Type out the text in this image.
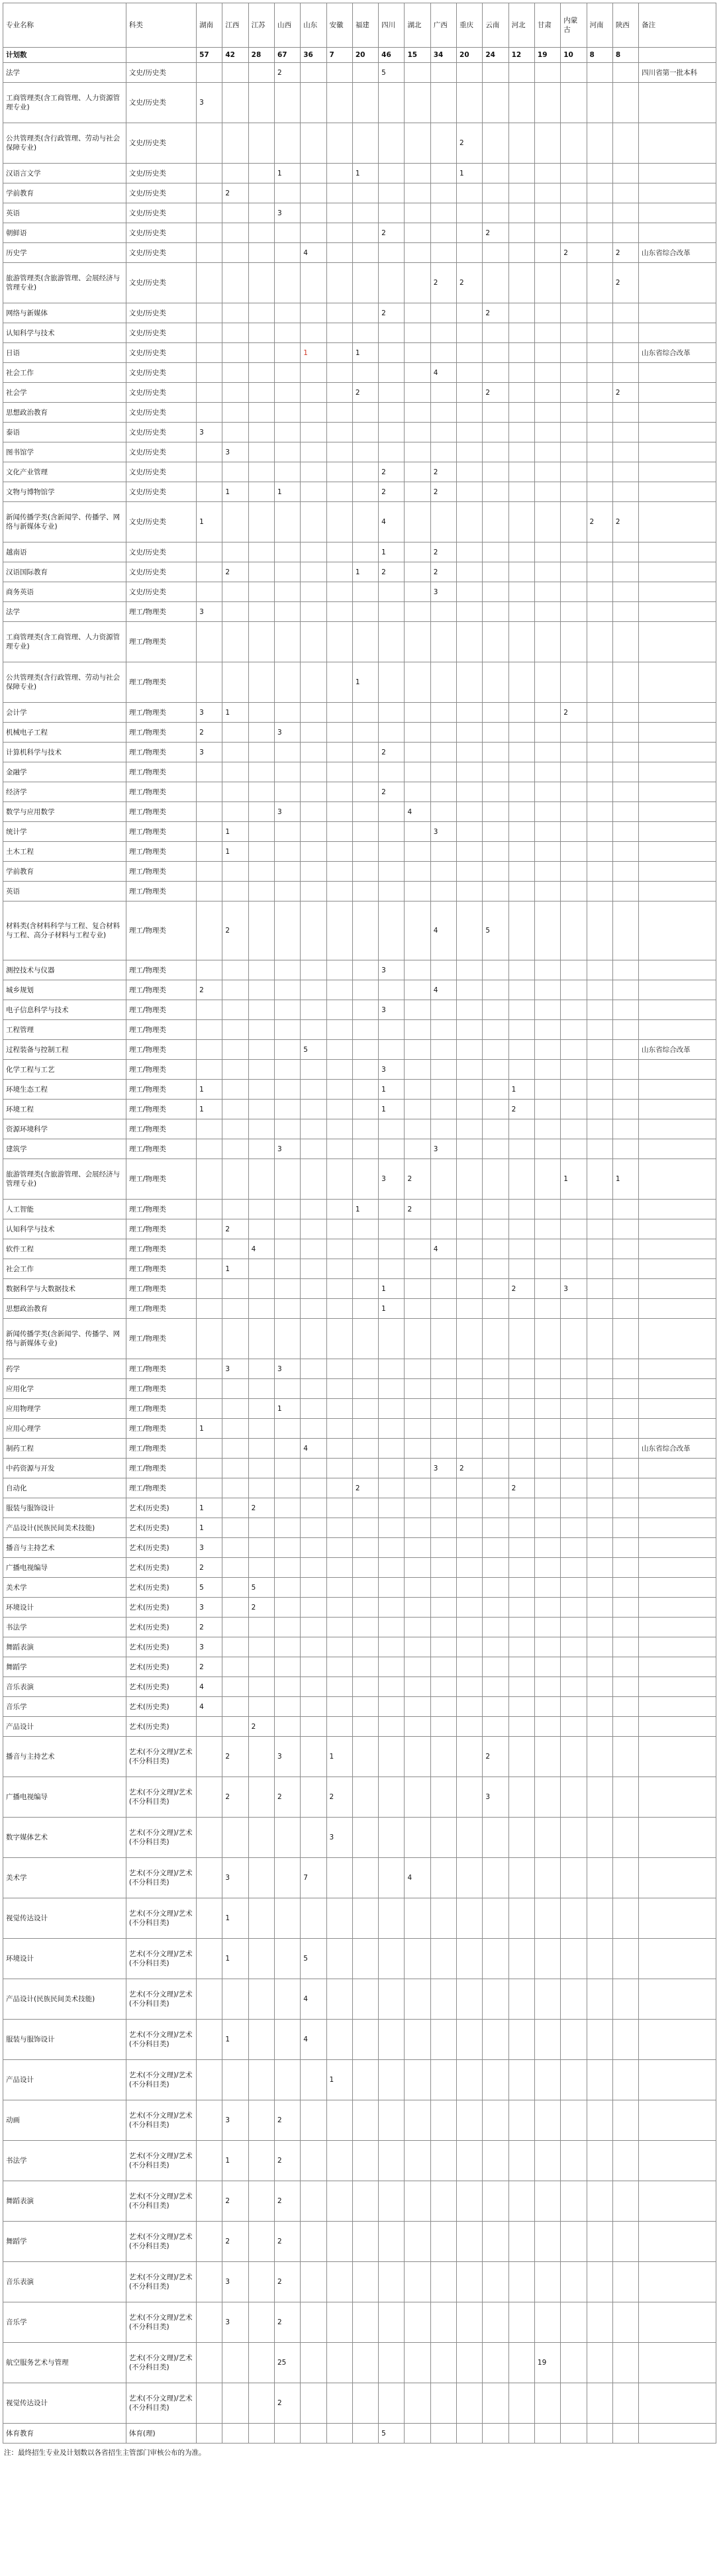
专业名称	科类	湖南	江西	江苏	山西	山东	安徽	福建	四川	湖北	广西	重庆	云南	河北	甘肃	内蒙古	河南	陕西	备注
计划数		57	42	28	67	36	7	20	46	15	34	20	24	12	19	10	8	8	
法学	文史/历史类				2				5										四川省第一批本科
工商管理类(含工商管理、人力资源管理专业)	文史/历史类	3																	
公共管理类(含行政管理、劳动与社会保障专业)	文史/历史类											2							
汉语言文学	文史/历史类				1			1				1							
学前教育	文史/历史类		2																
英语	文史/历史类				3														
朝鲜语	文史/历史类								2				2						
历史学	文史/历史类					4										2		2	山东省综合改革
旅游管理类(含旅游管理、会展经济与管理专业)	文史/历史类										2	2						2	
网络与新媒体	文史/历史类								2				2						
认知科学与技术	文史/历史类																		
日语	文史/历史类					1		1											山东省综合改革
社会工作	文史/历史类										4								
社会学	文史/历史类							2					2					2	
思想政治教育	文史/历史类																		
泰语	文史/历史类	3																	
图书馆学	文史/历史类		3																
文化产业管理	文史/历史类								2		2								
文物与博物馆学	文史/历史类		1		1				2		2								
新闻传播学类(含新闻学、传播学、网络与新媒体专业)	文史/历史类	1							4								2	2	
越南语	文史/历史类								1		2								
汉语国际教育	文史/历史类		2					1	2		2								
商务英语	文史/历史类										3								
法学	理工/物理类	3																	
工商管理类(含工商管理、人力资源管理专业)	理工/物理类																		
公共管理类(含行政管理、劳动与社会保障专业)	理工/物理类							1											
会计学	理工/物理类	3	1													2			
机械电子工程	理工/物理类	2			3														
计算机科学与技术	理工/物理类	3							2										
金融学	理工/物理类																		
经济学	理工/物理类								2										
数学与应用数学	理工/物理类				3					4									
统计学	理工/物理类		1								3								
土木工程	理工/物理类		1																
学前教育	理工/物理类																		
英语	理工/物理类																		
材料类(含材料科学与工程、复合材料与工程、高分子材料与工程专业)	理工/物理类		2								4		5						
测控技术与仪器	理工/物理类								3										
城乡规划	理工/物理类	2									4								
电子信息科学与技术	理工/物理类								3										
工程管理	理工/物理类																		
过程装备与控制工程	理工/物理类					5													山东省综合改革
化学工程与工艺	理工/物理类								3										
环境生态工程	理工/物理类	1							1					1					
环境工程	理工/物理类	1							1					2					
资源环境科学	理工/物理类																		
建筑学	理工/物理类				3						3								
旅游管理类(含旅游管理、会展经济与管理专业)	理工/物理类								3	2						1		1	
人工智能	理工/物理类							1		2									
认知科学与技术	理工/物理类		2																
软件工程	理工/物理类			4							4								
社会工作	理工/物理类		1																
数据科学与大数据技术	理工/物理类								1					2		3			
思想政治教育	理工/物理类								1										
新闻传播学类(含新闻学、传播学、网络与新媒体专业)	理工/物理类																		
药学	理工/物理类		3		3														
应用化学	理工/物理类																		
应用物理学	理工/物理类				1														
应用心理学	理工/物理类	1																	
制药工程	理工/物理类					4													山东省综合改革
中药资源与开发	理工/物理类										3	2							
自动化	理工/物理类							2						2					
服装与服饰设计	艺术(历史类)	1		2															
产品设计(民族民间美术技能)	艺术(历史类)	1																	
播音与主持艺术	艺术(历史类)	3																	
广播电视编导	艺术(历史类)	2																	
美术学	艺术(历史类)	5		5															
环境设计	艺术(历史类)	3		2															
书法学	艺术(历史类)	2																	
舞蹈表演	艺术(历史类)	3																	
舞蹈学	艺术(历史类)	2																	
音乐表演	艺术(历史类)	4																	
音乐学	艺术(历史类)	4																	
产品设计	艺术(历史类)			2															
播音与主持艺术	艺术(不分文理)/艺术(不分科目类)		2		3		1						2						
广播电视编导	艺术(不分文理)/艺术(不分科目类)		2		2		2						3						
数字媒体艺术	艺术(不分文理)/艺术(不分科目类)						3												
美术学	艺术(不分文理)/艺术(不分科目类)		3			7				4									
视觉传达设计	艺术(不分文理)/艺术(不分科目类)		1																
环境设计	艺术(不分文理)/艺术(不分科目类)		1			5													
产品设计(民族民间美术技能)	艺术(不分文理)/艺术(不分科目类)					4													
服装与服饰设计	艺术(不分文理)/艺术(不分科目类)		1			4													
产品设计	艺术(不分文理)/艺术(不分科目类)						1												
动画	艺术(不分文理)/艺术(不分科目类)		3		2														
书法学	艺术(不分文理)/艺术(不分科目类)		1		2														
舞蹈表演	艺术(不分文理)/艺术(不分科目类)		2		2														
舞蹈学	艺术(不分文理)/艺术(不分科目类)		2		2														
音乐表演	艺术(不分文理)/艺术(不分科目类)		3		2														
音乐学	艺术(不分文理)/艺术(不分科目类)		3		2														
航空服务艺术与管理	艺术(不分文理)/艺术(不分科目类)				25										19				
视觉传达设计	艺术(不分文理)/艺术(不分科目类)				2														
体育教育	体育(理)								5										
注：最终招生专业及计划数以各省招生主管部门审核公布的为准。
